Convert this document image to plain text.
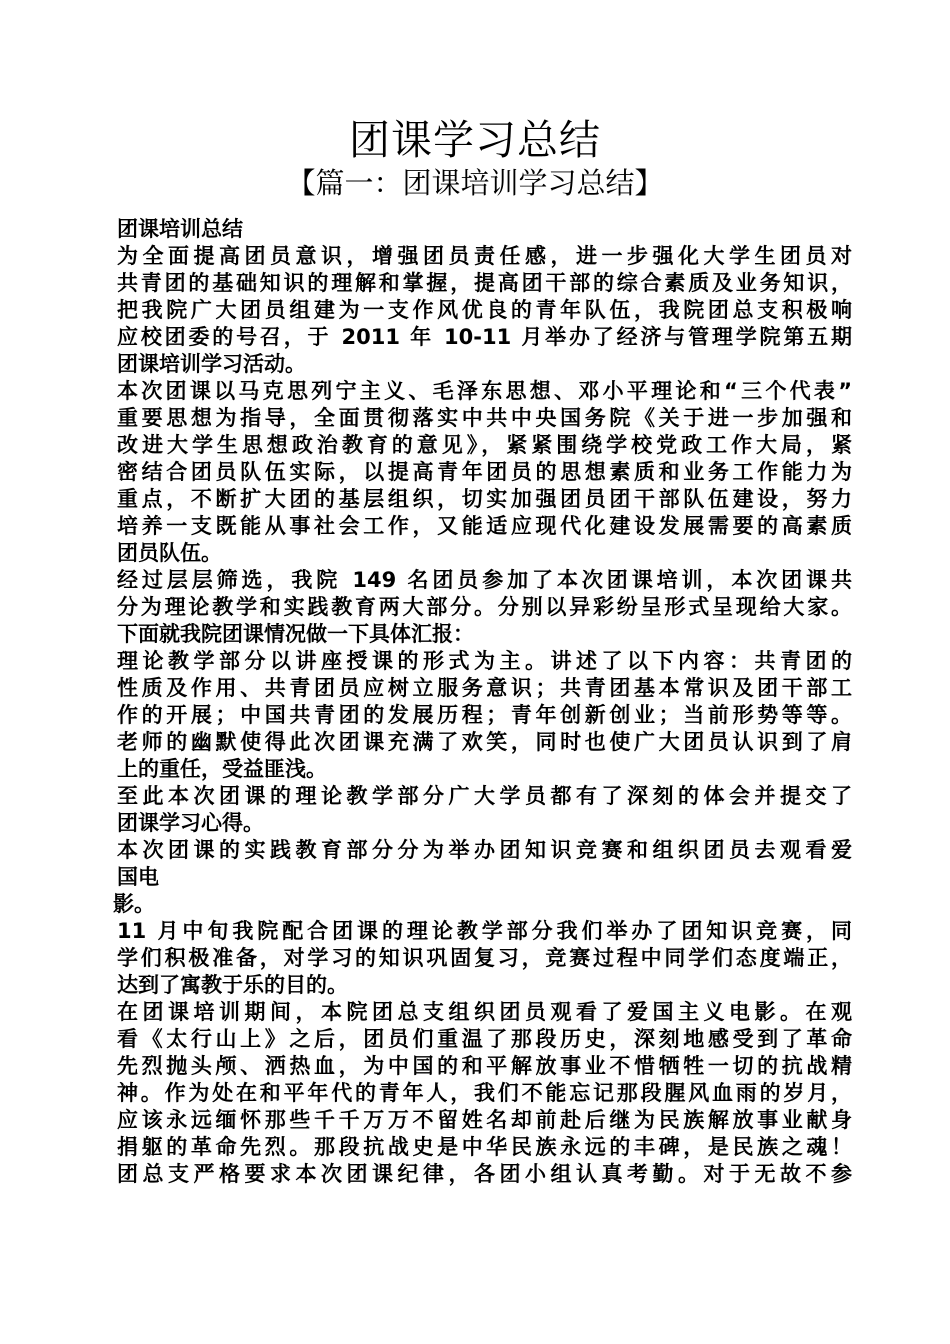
团课学习总结
【篇一：团课培训学习总结】
团课培训总结
为全面提高团员意识，增强团员责任感，进一步强化大学生团员对
共青团的基础知识的理解和掌握，提高团干部的综合素质及业务知识，
把我院广大团员组建为一支作风优良的青年队伍，我院团总支积极响
应校团委的号召，于 2011 年 10-11 月举办了经济与管理学院第五期
团课培训学习活动。
本次团课以马克思列宁主义、毛泽东思想、邓小平理论和“三个代表”
重要思想为指导，全面贯彻落实中共中央国务院《关于进一步加强和
改进大学生思想政治教育的意见》，紧紧围绕学校党政工作大局，紧
密结合团员队伍实际，以提高青年团员的思想素质和业务工作能力为
重点，不断扩大团的基层组织，切实加强团员团干部队伍建设，努力
培养一支既能从事社会工作，又能适应现代化建设发展需要的高素质
团员队伍。
经过层层筛选，我院 149 名团员参加了本次团课培训，本次团课共
分为理论教学和实践教育两大部分。分别以异彩纷呈形式呈现给大家。
下面就我院团课情况做一下具体汇报：
理论教学部分以讲座授课的形式为主。讲述了以下内容：共青团的
性质及作用、共青团员应树立服务意识；共青团基本常识及团干部工
作的开展；中国共青团的发展历程；青年创新创业；当前形势等等。
老师的幽默使得此次团课充满了欢笑，同时也使广大团员认识到了肩
上的重任，受益匪浅。
至此本次团课的理论教学部分广大学员都有了深刻的体会并提交了
团课学习心得。
本次团课的实践教育部分分为举办团知识竞赛和组织团员去观看爱
国电
影。
11 月中旬我院配合团课的理论教学部分我们举办了团知识竞赛，同
学们积极准备，对学习的知识巩固复习，竞赛过程中同学们态度端正，
达到了寓教于乐的目的。
在团课培训期间，本院团总支组织团员观看了爱国主义电影。在观
看《太行山上》之后，团员们重温了那段历史，深刻地感受到了革命
先烈抛头颅、洒热血，为中国的和平解放事业不惜牺牲一切的抗战精
神。作为处在和平年代的青年人，我们不能忘记那段腥风血雨的岁月，
应该永远缅怀那些千千万万不留姓名却前赴后继为民族解放事业献身
捐躯的革命先烈。那段抗战史是中华民族永远的丰碑，是民族之魂！
团总支严格要求本次团课纪律，各团小组认真考勤。对于无故不参
